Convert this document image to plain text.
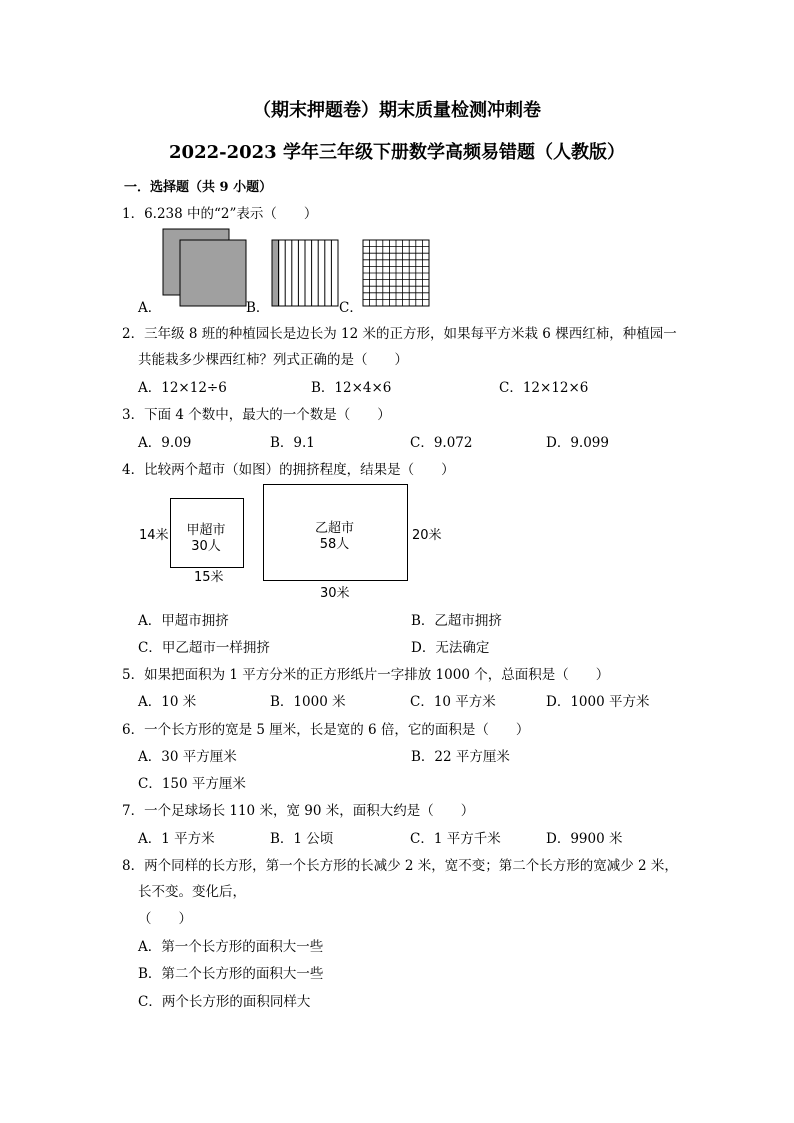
（期末押题卷）期末质量检测冲刺卷
2022-2023 学年三年级下册数学高频易错题（人教版）
一．选择题（共 9 小题）
1．6.238 中的“2”表示（　　）
A．	B．	C．
2．三年级 8 班的种植园长是边长为 12 米的正方形，如果每平方米栽 6 棵西红柿，种植园一
共能栽多少棵西红柿？列式正确的是（　　）
A．12×12÷6	B．12×4×6	C．12×12×6
3．下面 4 个数中，最大的一个数是（　　）
A．9.09	B．9.1	C．9.072	D．9.099
4．比较两个超市（如图）的拥挤程度，结果是（　　）
甲超市
30人
14米
15米
乙超市
58人
20米
30米
A．甲超市拥挤	B．乙超市拥挤
C．甲乙超市一样拥挤	D．无法确定
5．如果把面积为 1 平方分米的正方形纸片一字排放 1000 个，总面积是（　　）
A．10 米	B．1000 米	C．10 平方米	D．1000 平方米
6．一个长方形的宽是 5 厘米，长是宽的 6 倍，它的面积是（　　）
A．30 平方厘米	B．22 平方厘米
C．150 平方厘米
7．一个足球场长 110 米，宽 90 米，面积大约是（　　）
A．1 平方米	B．1 公顷	C．1 平方千米	D．9900 米
8．两个同样的长方形，第一个长方形的长减少 2 米，宽不变；第二个长方形的宽减少 2 米，
长不变。变化后，
（　　）
A．第一个长方形的面积大一些
B．第二个长方形的面积大一些
C．两个长方形的面积同样大
